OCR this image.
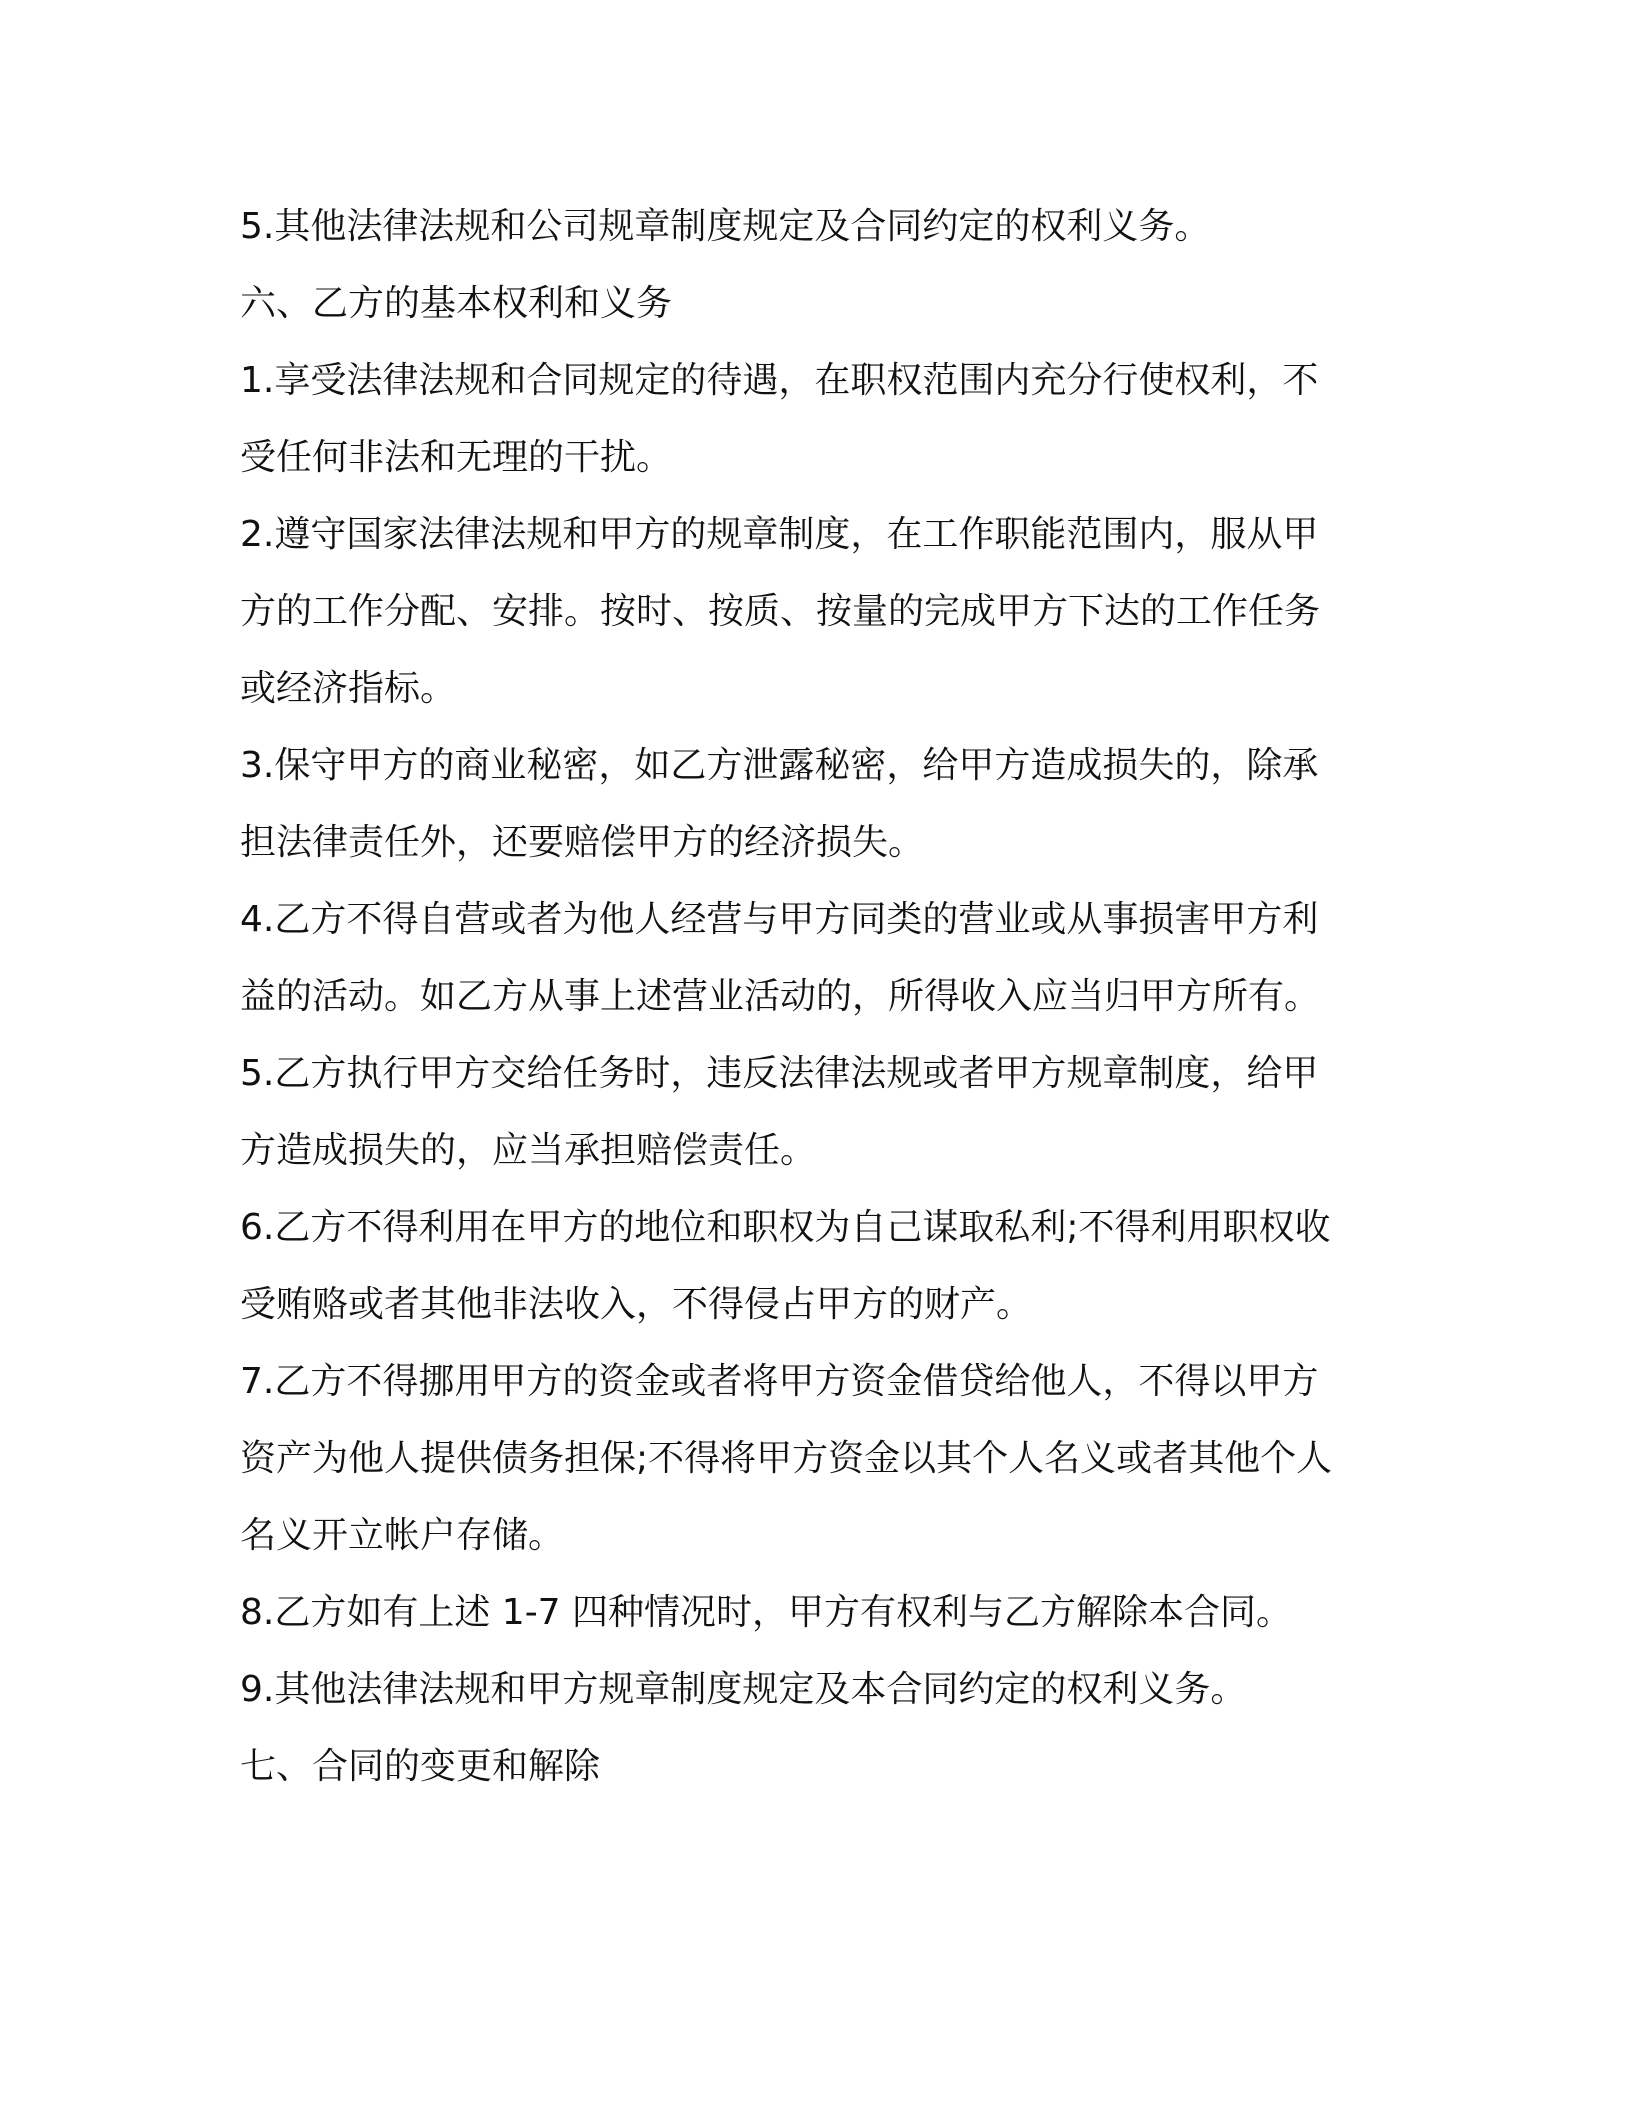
5.其他法律法规和公司规章制度规定及合同约定的权利义务。
六、乙方的基本权利和义务
1.享受法律法规和合同规定的待遇，在职权范围内充分行使权利，不
受任何非法和无理的干扰。
2.遵守国家法律法规和甲方的规章制度，在工作职能范围内，服从甲
方的工作分配、安排。按时、按质、按量的完成甲方下达的工作任务
或经济指标。
3.保守甲方的商业秘密，如乙方泄露秘密，给甲方造成损失的，除承
担法律责任外，还要赔偿甲方的经济损失。
4.乙方不得自营或者为他人经营与甲方同类的营业或从事损害甲方利
益的活动。如乙方从事上述营业活动的，所得收入应当归甲方所有。
5.乙方执行甲方交给任务时，违反法律法规或者甲方规章制度，给甲
方造成损失的，应当承担赔偿责任。
6.乙方不得利用在甲方的地位和职权为自己谋取私利;不得利用职权收
受贿赂或者其他非法收入，不得侵占甲方的财产。
7.乙方不得挪用甲方的资金或者将甲方资金借贷给他人，不得以甲方
资产为他人提供债务担保;不得将甲方资金以其个人名义或者其他个人
名义开立帐户存储。
8.乙方如有上述 1-7 四种情况时，甲方有权利与乙方解除本合同。
9.其他法律法规和甲方规章制度规定及本合同约定的权利义务。
七、合同的变更和解除
